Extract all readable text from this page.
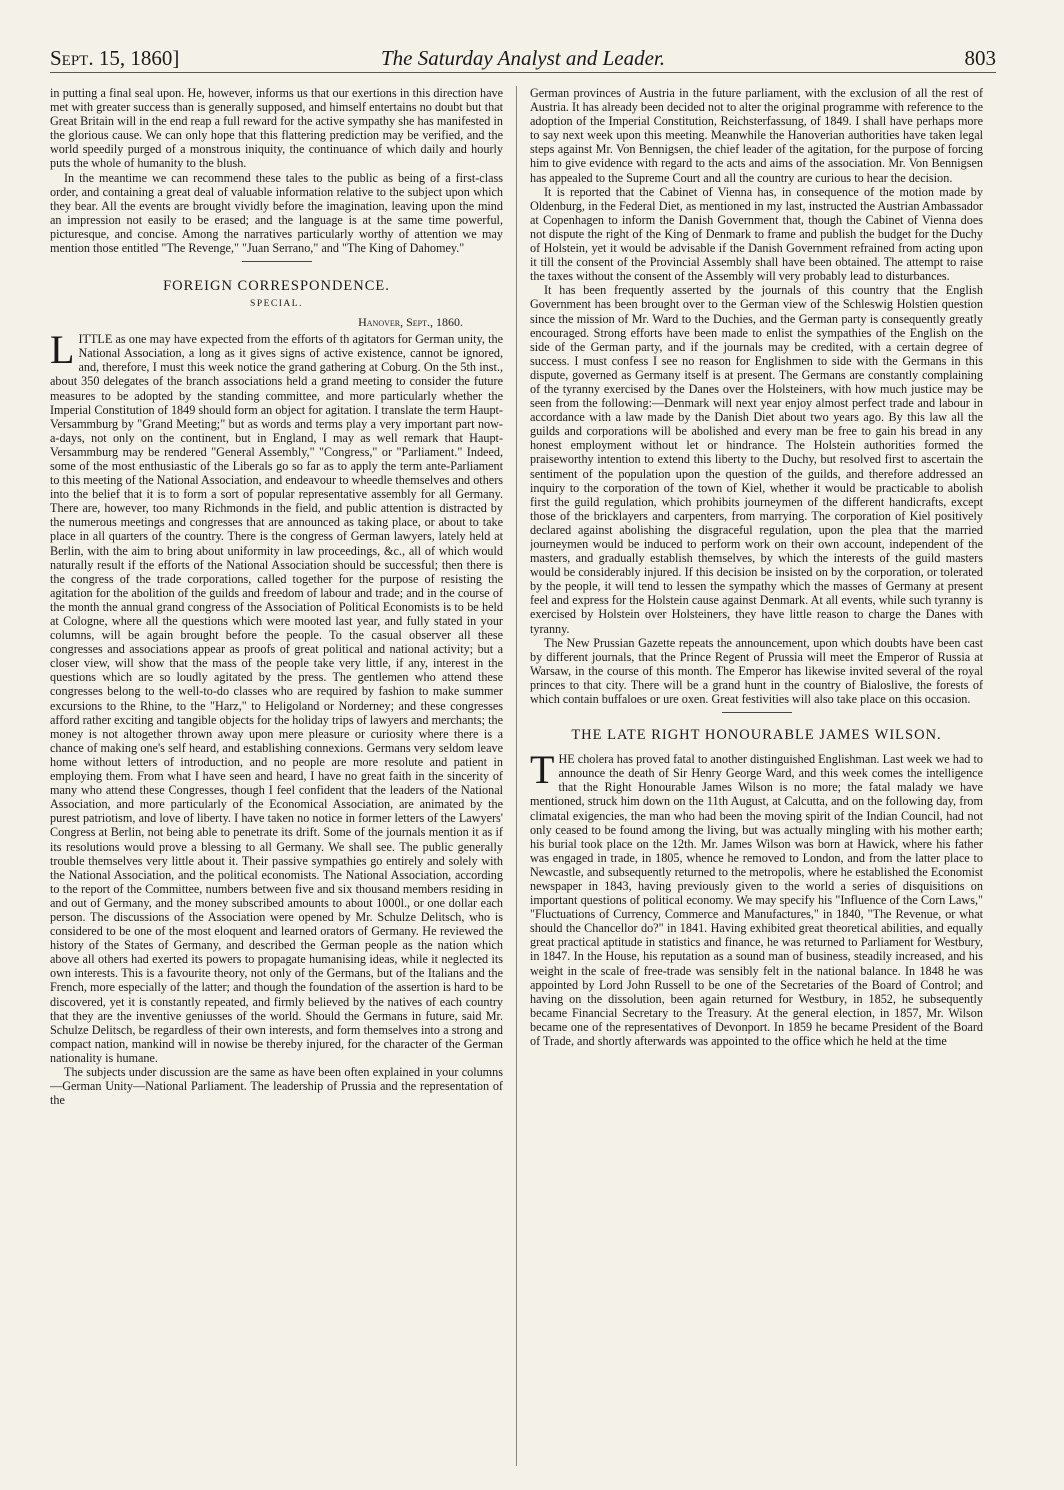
Sept. 15, 1860]	The Saturday Analyst and Leader.	803

in putting a final seal upon. He, however, informs us that our exertions in this direction have met with greater success than is generally supposed, and himself entertains no doubt but that Great Britain will in the end reap a full reward for the active sympathy she has manifested in the glorious cause. We can only hope that this flattering prediction may be verified, and the world speedily purged of a monstrous iniquity, the continuance of which daily and hourly puts the whole of humanity to the blush.

In the meantime we can recommend these tales to the public as being of a first-class order, and containing a great deal of valuable information relative to the subject upon which they bear. All the events are brought vividly before the imagination, leaving upon the mind an impression not easily to be erased; and the language is at the same time powerful, picturesque, and concise. Among the narratives particularly worthy of attention we may mention those entitled "The Revenge," "Juan Serrano," and "The King of Dahomey."

FOREIGN CORRESPONDENCE.
SPECIAL.
Hanover, Sept., 1860.

LITTLE as one may have expected from the efforts of th agitators for German unity, the National Association, a long as it gives signs of active existence, cannot be ignored, and, therefore, I must this week notice the grand gathering at Coburg. On the 5th inst., about 350 delegates of the branch associations held a grand meeting to consider the future measures to be adopted by the standing committee, and more particularly whether the Imperial Constitution of 1849 should form an object for agitation. I translate the term Haupt-Versammburg by "Grand Meeting;" but as words and terms play a very important part now-a-days, not only on the continent, but in England, I may as well remark that Haupt-Versammburg may be rendered "General Assembly," "Congress," or "Parliament." Indeed, some of the most enthusiastic of the Liberals go so far as to apply the term ante-Parliament to this meeting of the National Association, and endeavour to wheedle themselves and others into the belief that it is to form a sort of popular representative assembly for all Germany. There are, however, too many Richmonds in the field, and public attention is distracted by the numerous meetings and congresses that are announced as taking place, or about to take place in all quarters of the country. There is the congress of German lawyers, lately held at Berlin, with the aim to bring about uniformity in law proceedings, &c., all of which would naturally result if the efforts of the National Association should be successful; then there is the congress of the trade corporations, called together for the purpose of resisting the agitation for the abolition of the guilds and freedom of labour and trade; and in the course of the month the annual grand congress of the Association of Political Economists is to be held at Cologne, where all the questions which were mooted last year, and fully stated in your columns, will be again brought before the people. To the casual observer all these congresses and associations appear as proofs of great political and national activity; but a closer view, will show that the mass of the people take very little, if any, interest in the questions which are so loudly agitated by the press. The gentlemen who attend these congresses belong to the well-to-do classes who are required by fashion to make summer excursions to the Rhine, to the "Harz," to Heligoland or Norderney; and these congresses afford rather exciting and tangible objects for the holiday trips of lawyers and merchants; the money is not altogether thrown away upon mere pleasure or curiosity where there is a chance of making one's self heard, and establishing connexions. Germans very seldom leave home without letters of introduction, and no people are more resolute and patient in employing them. From what I have seen and heard, I have no great faith in the sincerity of many who attend these Congresses, though I feel confident that the leaders of the National Association, and more particularly of the Economical Association, are animated by the purest patriotism, and love of liberty. I have taken no notice in former letters of the Lawyers' Congress at Berlin, not being able to penetrate its drift. Some of the journals mention it as if its resolutions would prove a blessing to all Germany. We shall see. The public generally trouble themselves very little about it. Their passive sympathies go entirely and solely with the National Association, and the political economists. The National Association, according to the report of the Committee, numbers between five and six thousand members residing in and out of Germany, and the money subscribed amounts to about 1000l., or one dollar each person. The discussions of the Association were opened by Mr. Schulze Delitsch, who is considered to be one of the most eloquent and learned orators of Germany. He reviewed the history of the States of Germany, and described the German people as the nation which above all others had exerted its powers to propagate humanising ideas, while it neglected its own interests. This is a favourite theory, not only of the Germans, but of the Italians and the French, more especially of the latter; and though the foundation of the assertion is hard to be discovered, yet it is constantly repeated, and firmly believed by the natives of each country that they are the inventive geniusses of the world. Should the Germans in future, said Mr. Schulze Delitsch, be regardless of their own interests, and form themselves into a strong and compact nation, mankind will in nowise be thereby injured, for the character of the German nationality is humane.

The subjects under discussion are the same as have been often explained in your columns—German Unity—National Parliament. The leadership of Prussia and the representation of the

German provinces of Austria in the future parliament, with the exclusion of all the rest of Austria. It has already been decided not to alter the original programme with reference to the adoption of the Imperial Constitution, Reichsterfassung, of 1849. I shall have perhaps more to say next week upon this meeting. Meanwhile the Hanoverian authorities have taken legal steps against Mr. Von Bennigsen, the chief leader of the agitation, for the purpose of forcing him to give evidence with regard to the acts and aims of the association. Mr. Von Bennigsen has appealed to the Supreme Court and all the country are curious to hear the decision.

It is reported that the Cabinet of Vienna has, in consequence of the motion made by Oldenburg, in the Federal Diet, as mentioned in my last, instructed the Austrian Ambassador at Copenhagen to inform the Danish Government that, though the Cabinet of Vienna does not dispute the right of the King of Denmark to frame and publish the budget for the Duchy of Holstein, yet it would be advisable if the Danish Government refrained from acting upon it till the consent of the Provincial Assembly shall have been obtained. The attempt to raise the taxes without the consent of the Assembly will very probably lead to disturbances.

It has been frequently asserted by the journals of this country that the English Government has been brought over to the German view of the Schleswig Holstien question since the mission of Mr. Ward to the Duchies, and the German party is consequently greatly encouraged. Strong efforts have been made to enlist the sympathies of the English on the side of the German party, and if the journals may be credited, with a certain degree of success. I must confess I see no reason for Englishmen to side with the Germans in this dispute, governed as Germany itself is at present. The Germans are constantly complaining of the tyranny exercised by the Danes over the Holsteiners, with how much justice may be seen from the following:—Denmark will next year enjoy almost perfect trade and labour in accordance with a law made by the Danish Diet about two years ago. By this law all the guilds and corporations will be abolished and every man be free to gain his bread in any honest employment without let or hindrance. The Holstein authorities formed the praiseworthy intention to extend this liberty to the Duchy, but resolved first to ascertain the sentiment of the population upon the question of the guilds, and therefore addressed an inquiry to the corporation of the town of Kiel, whether it would be practicable to abolish first the guild regulation, which prohibits journeymen of the different handicrafts, except those of the bricklayers and carpenters, from marrying. The corporation of Kiel positively declared against abolishing the disgraceful regulation, upon the plea that the married journeymen would be induced to perform work on their own account, independent of the masters, and gradually establish themselves, by which the interests of the guild masters would be considerably injured. If this decision be insisted on by the corporation, or tolerated by the people, it will tend to lessen the sympathy which the masses of Germany at present feel and express for the Holstein cause against Denmark. At all events, while such tyranny is exercised by Holstein over Holsteiners, they have little reason to charge the Danes with tyranny.

The New Prussian Gazette repeats the announcement, upon which doubts have been cast by different journals, that the Prince Regent of Prussia will meet the Emperor of Russia at Warsaw, in the course of this month. The Emperor has likewise invited several of the royal princes to that city. There will be a grand hunt in the country of Bialoslive, the forests of which contain buffaloes or ure oxen. Great festivities will also take place on this occasion.

THE LATE RIGHT HONOURABLE JAMES WILSON.

THE cholera has proved fatal to another distinguished Englishman. Last week we had to announce the death of Sir Henry George Ward, and this week comes the intelligence that the Right Honourable James Wilson is no more; the fatal malady we have mentioned, struck him down on the 11th August, at Calcutta, and on the following day, from climatal exigencies, the man who had been the moving spirit of the Indian Council, had not only ceased to be found among the living, but was actually mingling with his mother earth; his burial took place on the 12th. Mr. James Wilson was born at Hawick, where his father was engaged in trade, in 1805, whence he removed to London, and from the latter place to Newcastle, and subsequently returned to the metropolis, where he established the Economist newspaper in 1843, having previously given to the world a series of disquisitions on important questions of political economy. We may specify his "Influence of the Corn Laws," "Fluctuations of Currency, Commerce and Manufactures," in 1840, "The Revenue, or what should the Chancellor do?" in 1841. Having exhibited great theoretical abilities, and equally great practical aptitude in statistics and finance, he was returned to Parliament for Westbury, in 1847. In the House, his reputation as a sound man of business, steadily increased, and his weight in the scale of free-trade was sensibly felt in the national balance. In 1848 he was appointed by Lord John Russell to be one of the Secretaries of the Board of Control; and having on the dissolution, been again returned for Westbury, in 1852, he subsequently became Financial Secretary to the Treasury. At the general election, in 1857, Mr. Wilson became one of the representatives of Devonport. In 1859 he became President of the Board of Trade, and shortly afterwards was appointed to the office which he held at the time
